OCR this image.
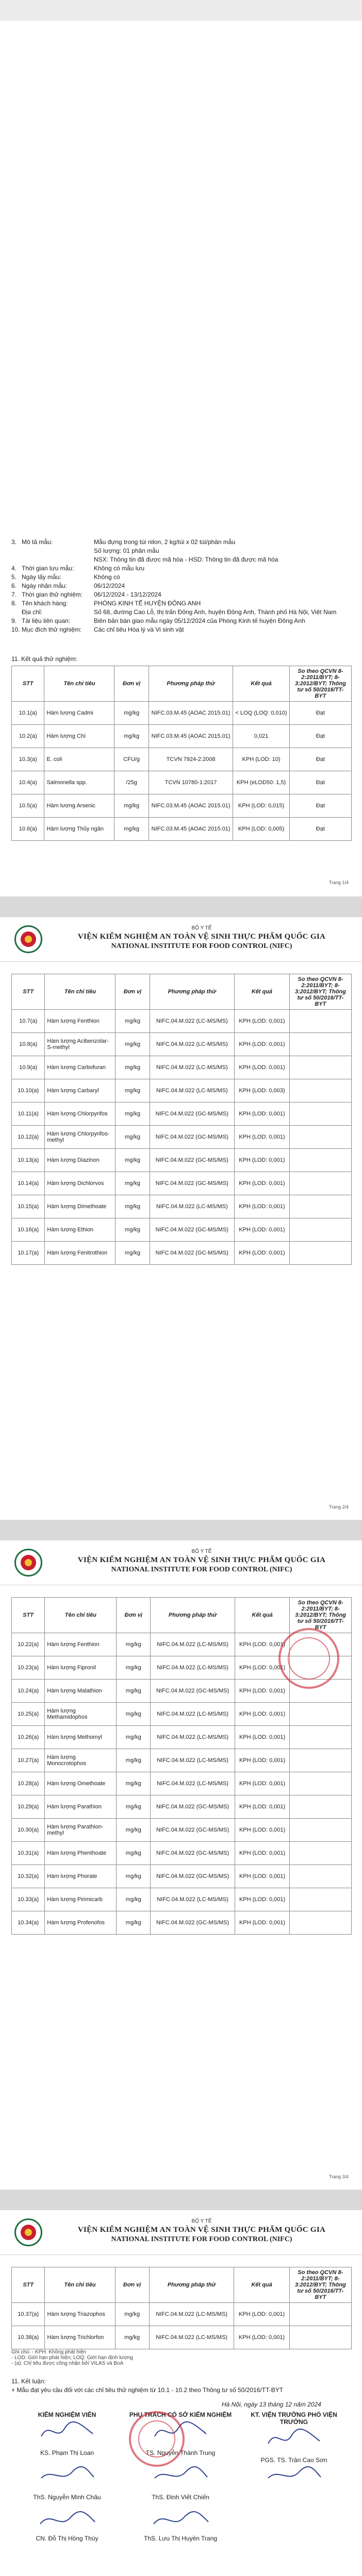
3. Mô tả mẫu:	Mẫu đựng trong túi nilon, 2 kg/túi x 02 túi/phân mẫu
Số lượng: 01 phân mẫu
NSX: Thông tin đã được mã hóa - HSD: Thông tin đã được mã hóa
4. Thời gian lưu mẫu:	Không có mẫu lưu
5. Ngày lấy mẫu:	Không có
6. Ngày nhận mẫu:	06/12/2024
7. Thời gian thử nghiệm:	06/12/2024 - 13/12/2024
8. Tên khách hàng:	PHÒNG KINH TẾ HUYỆN ĐÔNG ANH
Địa chỉ:	Số 68, đường Cao Lỗ, thị trấn Đông Anh, huyện Đông Anh, Thành phố Hà Nội, Việt Nam
9. Tài liệu liên quan:	Biên bản bàn giao mẫu ngày 05/12/2024 của Phòng Kinh tế huyện Đông Anh
10. Mục đích thử nghiệm:	Các chỉ tiêu Hóa lý và Vi sinh vật
11. Kết quả thử nghiệm:
STT	Tên chỉ tiêu	Đơn vị	Phương pháp thử	Kết quả	So theo QCVN 8-2:2011/BYT; 8-3:2012/BYT; Thông tư số 50/2016/TT-BYT
10.1(a)	Hàm lượng Cadmi	mg/kg	NIFC.03.M.45 (AOAC 2015.01)	< LOQ (LOQ: 0,010)	Đạt
10.2(a)	Hàm lượng Chì	mg/kg	NIFC.03.M.45 (AOAC 2015.01)	0,021	Đạt
10.3(a)	E. coli	CFU/g	TCVN 7924-2:2008	KPH (LOD: 10)	Đạt
10.4(a)	Salmonella spp.	/25g	TCVN 10780-1:2017	KPH (eLOD50: 1,5)	Đạt
10.5(a)	Hàm lượng Arsenic	mg/kg	NIFC.03.M.45 (AOAC 2015.01)	KPH (LOD: 0,015)	Đạt
10.6(a)	Hàm lượng Thủy ngân	mg/kg	NIFC.03.M.45 (AOAC 2015.01)	KPH (LOD: 0,005)	Đạt
Trang 1/4
BỘ Y TẾ
VIỆN KIỂM NGHIỆM AN TOÀN VỆ SINH THỰC PHẨM QUỐC GIA
NATIONAL INSTITUTE FOR FOOD CONTROL (NIFC)
STT	Tên chỉ tiêu	Đơn vị	Phương pháp thử	Kết quả	So theo QCVN 8-2:2011/BYT; 8-3:2012/BYT; Thông tư số 50/2016/TT-BYT
10.7(a)	Hàm lượng Fenthion	mg/kg	NIFC.04.M.022 (LC-MS/MS)	KPH (LOD: 0,001)	
10.8(a)	Hàm lượng Acibenzolar-S-methyl	mg/kg	NIFC.04.M.022 (LC-MS/MS)	KPH (LOD: 0,001)	
10.9(a)	Hàm lượng Carbofuran	mg/kg	NIFC.04.M.022 (LC-MS/MS)	KPH (LOD: 0,001)	
10.10(a)	Hàm lượng Carbaryl	mg/kg	NIFC.04.M.022 (LC-MS/MS)	KPH (LOD: 0,003)	
10.11(a)	Hàm lượng Chlorpyrifos	mg/kg	NIFC.04.M.022 (GC-MS/MS)	KPH (LOD: 0,001)	
10.12(a)	Hàm lượng Chlorpyrifos-methyl	mg/kg	NIFC.04.M.022 (GC-MS/MS)	KPH (LOD: 0,001)	
10.13(a)	Hàm lượng Diazinon	mg/kg	NIFC.04.M.022 (GC-MS/MS)	KPH (LOD: 0,001)	
10.14(a)	Hàm lượng Dichlorvos	mg/kg	NIFC.04.M.022 (GC-MS/MS)	KPH (LOD: 0,001)	
10.15(a)	Hàm lượng Dimethoate	mg/kg	NIFC.04.M.022 (LC-MS/MS)	KPH (LOD: 0,001)	
10.16(a)	Hàm lượng Ethion	mg/kg	NIFC.04.M.022 (GC-MS/MS)	KPH (LOD: 0,001)	
10.17(a)	Hàm lượng Fenitrothion	mg/kg	NIFC.04.M.022 (GC-MS/MS)	KPH (LOD: 0,001)	
Trang 2/4
BỘ Y TẾ
VIỆN KIỂM NGHIỆM AN TOÀN VỆ SINH THỰC PHẨM QUỐC GIA
NATIONAL INSTITUTE FOR FOOD CONTROL (NIFC)
STT	Tên chỉ tiêu	Đơn vị	Phương pháp thử	Kết quả	So theo QCVN 8-2:2011/BYT; 8-3:2012/BYT; Thông tư số 50/2016/TT-BYT
10.22(a)	Hàm lượng Fenthion	mg/kg	NIFC.04.M.022 (LC-MS/MS)	KPH (LOD: 0,001)	
10.23(a)	Hàm lượng Fipronil	mg/kg	NIFC.04.M.022 (LC-MS/MS)	KPH (LOD: 0,001)	
10.24(a)	Hàm lượng Malathion	mg/kg	NIFC.04.M.022 (GC-MS/MS)	KPH (LOD: 0,001)	
10.25(a)	Hàm lượng Methamidophos	mg/kg	NIFC.04.M.022 (LC-MS/MS)	KPH (LOD: 0,001)	
10.26(a)	Hàm lượng Methomyl	mg/kg	NIFC.04.M.022 (LC-MS/MS)	KPH (LOD: 0,001)	
10.27(a)	Hàm lượng Monocrotophos	mg/kg	NIFC.04.M.022 (LC-MS/MS)	KPH (LOD: 0,001)	
10.28(a)	Hàm lượng Omethoate	mg/kg	NIFC.04.M.022 (LC-MS/MS)	KPH (LOD: 0,001)	
10.29(a)	Hàm lượng Parathion	mg/kg	NIFC.04.M.022 (GC-MS/MS)	KPH (LOD: 0,001)	
10.30(a)	Hàm lượng Parathion-methyl	mg/kg	NIFC.04.M.022 (GC-MS/MS)	KPH (LOD: 0,001)	
10.31(a)	Hàm lượng Phenthoate	mg/kg	NIFC.04.M.022 (GC-MS/MS)	KPH (LOD: 0,001)	
10.32(a)	Hàm lượng Phorate	mg/kg	NIFC.04.M.022 (GC-MS/MS)	KPH (LOD: 0,001)	
10.33(a)	Hàm lượng Pirimicarb	mg/kg	NIFC.04.M.022 (LC-MS/MS)	KPH (LOD: 0,001)	
10.34(a)	Hàm lượng Profenofos	mg/kg	NIFC.04.M.022 (GC-MS/MS)	KPH (LOD: 0,001)	
Trang 3/4
BỘ Y TẾ
VIỆN KIỂM NGHIỆM AN TOÀN VỆ SINH THỰC PHẨM QUỐC GIA
NATIONAL INSTITUTE FOR FOOD CONTROL (NIFC)
STT	Tên chỉ tiêu	Đơn vị	Phương pháp thử	Kết quả	So theo QCVN 8-2:2011/BYT; 8-3:2012/BYT; Thông tư số 50/2016/TT-BYT
10.37(a)	Hàm lượng Triazophos	mg/kg	NIFC.04.M.022 (LC-MS/MS)	KPH (LOD: 0,001)	
10.38(a)	Hàm lượng Trichlorfon	mg/kg	NIFC.04.M.022 (LC-MS/MS)	KPH (LOD: 0,001)	
Ghi chú: - KPH: Không phát hiện
- LOD: Giới hạn phát hiện; LOQ: Giới hạn định lượng
- (a): Chỉ tiêu được công nhận bởi VILAS và BoA
11. Kết luận:
+ Mẫu đạt yêu cầu đối với các chỉ tiêu thử nghiệm từ 10.1 - 10.2 theo Thông tư số 50/2016/TT-BYT
Hà Nội, ngày 13 tháng 12 năm 2024
KIỂM NGHIỆM VIÊN
KS. Phạm Thị Loan
PHỤ TRÁCH CÓ SỞ KIỂM NGHIỆM
TS. Nguyễn Thành Trung
KT. VIỆN TRƯỞNG PHÓ VIỆN TRƯỞNG
PGS. TS. Trần Cao Sơn
ThS. Nguyễn Minh Châu
CN. Đỗ Thị Hồng Thúy
ThS. Đinh Viết Chiến
ThS. Lưu Thị Huyền Trang
